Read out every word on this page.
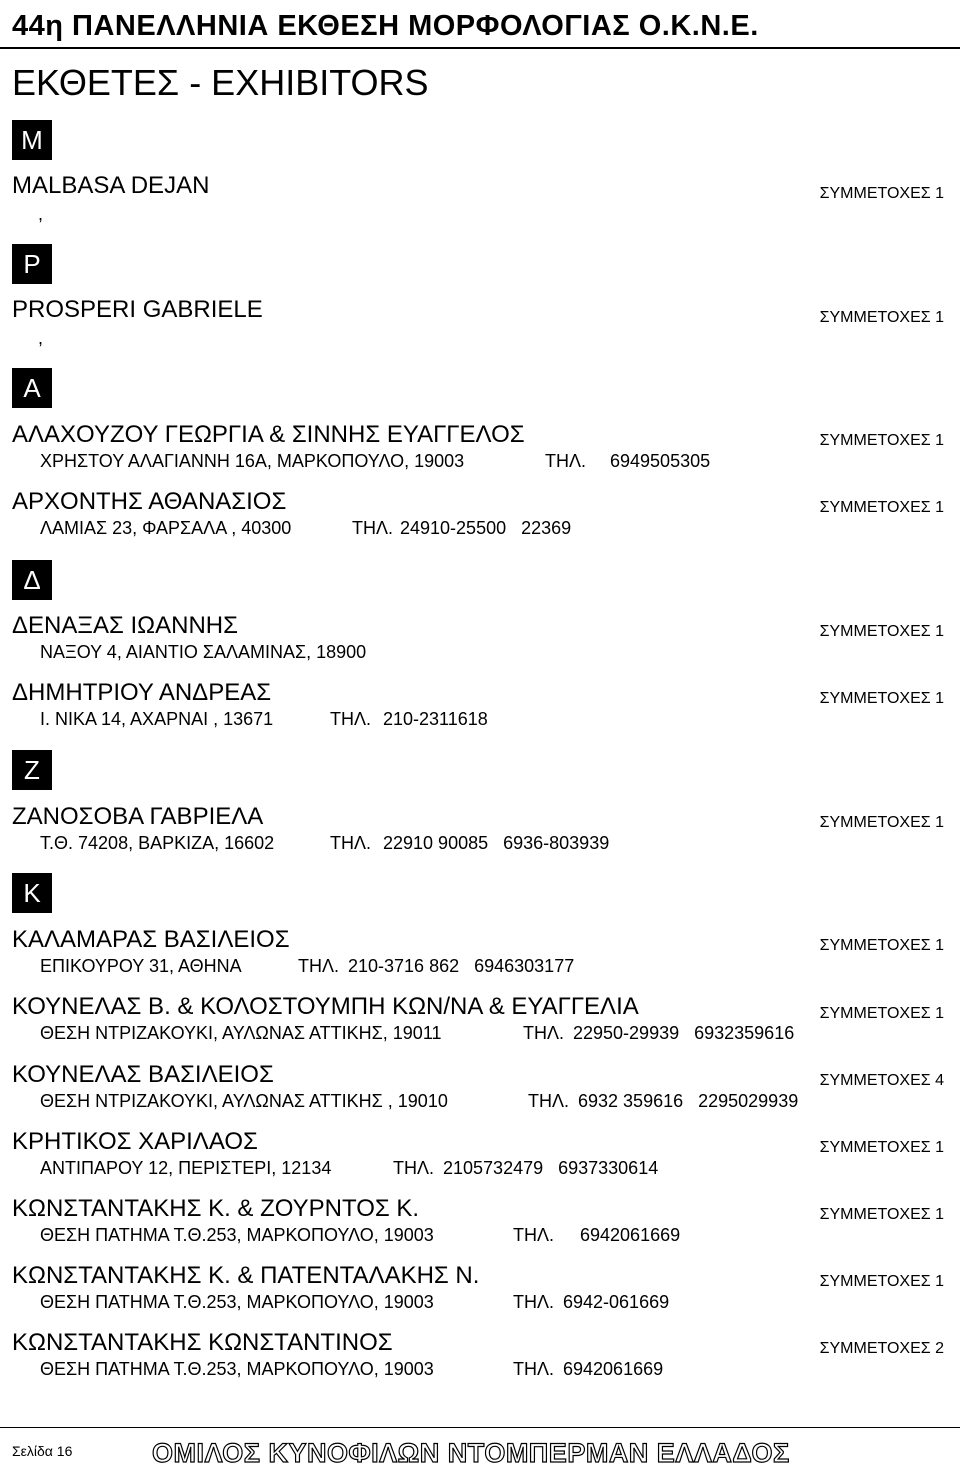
44η ΠΑΝΕΛΛΗΝΙΑ ΕΚΘΕΣΗ ΜΟΡΦΟΛΟΓΙΑΣ Ο.Κ.Ν.Ε.
ΕΚΘΕΤΕΣ - EXHIBITORS
M
P
Α
Δ
Ζ
Κ
MALBASA DEJAN	ΣΥΜΜΕΤΟΧΕΣ 1
,
PROSPERI GABRIELE	ΣΥΜΜΕΤΟΧΕΣ 1
,
ΑΛΑΧΟΥΖΟΥ ΓΕΩΡΓΙΑ & ΣΙΝΝΗΣ ΕΥΑΓΓΕΛΟΣ	ΣΥΜΜΕΤΟΧΕΣ 1
ΧΡΗΣΤΟΥ ΑΛΑΓΙΑΝΝΗ 16Α, ΜΑΡΚΟΠΟΥΛΟ, 19003	ΤΗΛ. 6949505305
ΑΡΧΟΝΤΗΣ ΑΘΑΝΑΣΙΟΣ	ΣΥΜΜΕΤΟΧΕΣ 1
ΛΑΜΙΑΣ 23, ΦΑΡΣΑΛΑ , 40300	ΤΗΛ. 24910-25500   22369
ΔΕΝΑΞΑΣ ΙΩΑΝΝΗΣ	ΣΥΜΜΕΤΟΧΕΣ 1
ΝΑΞΟΥ 4, ΑΙΑΝΤΙΟ ΣΑΛΑΜΙΝΑΣ, 18900
ΔΗΜΗΤΡΙΟΥ ΑΝΔΡΕΑΣ	ΣΥΜΜΕΤΟΧΕΣ 1
Ι. ΝΙΚΑ 14, ΑΧΑΡΝΑΙ , 13671	ΤΗΛ. 210-2311618
ΖΑΝΟΣΟΒΑ ΓΑΒΡΙΕΛΑ	ΣΥΜΜΕΤΟΧΕΣ 1
Τ.Θ. 74208, ΒΑΡΚΙΖΑ, 16602	ΤΗΛ. 22910 90085   6936-803939
ΚΑΛΑΜΑΡΑΣ ΒΑΣΙΛΕΙΟΣ	ΣΥΜΜΕΤΟΧΕΣ 1
ΕΠΙΚΟΥΡΟΥ 31, ΑΘΗΝΑ	ΤΗΛ. 210-3716 862   6946303177
ΚΟΥΝΕΛΑΣ Β. & ΚΟΛΟΣΤΟΥΜΠΗ ΚΩΝ/ΝΑ & ΕΥΑΓΓΕΛΙΑ	ΣΥΜΜΕΤΟΧΕΣ 1
ΘΕΣΗ ΝΤΡΙΖΑΚΟΥΚΙ, ΑΥΛΩΝΑΣ ΑΤΤΙΚΗΣ, 19011	ΤΗΛ. 22950-29939   6932359616
ΚΟΥΝΕΛΑΣ ΒΑΣΙΛΕΙΟΣ	ΣΥΜΜΕΤΟΧΕΣ 4
ΘΕΣΗ ΝΤΡΙΖΑΚΟΥΚΙ, ΑΥΛΩΝΑΣ ΑΤΤΙΚΗΣ , 19010	ΤΗΛ. 6932 359616   2295029939
ΚΡΗΤΙΚΟΣ ΧΑΡΙΛΑΟΣ	ΣΥΜΜΕΤΟΧΕΣ 1
ΑΝΤΙΠΑΡΟΥ 12, ΠΕΡΙΣΤΕΡΙ, 12134	ΤΗΛ. 2105732479   6937330614
ΚΩΝΣΤΑΝΤΑΚΗΣ Κ. & ΖΟΥΡΝΤΟΣ Κ.	ΣΥΜΜΕΤΟΧΕΣ 1
ΘΕΣΗ ΠΑΤΗΜΑ Τ.Θ.253, ΜΑΡΚΟΠΟΥΛΟ, 19003	ΤΗΛ. 6942061669
ΚΩΝΣΤΑΝΤΑΚΗΣ Κ. & ΠΑΤΕΝΤΑΛΑΚΗΣ Ν.	ΣΥΜΜΕΤΟΧΕΣ 1
ΘΕΣΗ ΠΑΤΗΜΑ Τ.Θ.253, ΜΑΡΚΟΠΟΥΛΟ, 19003	ΤΗΛ. 6942-061669
ΚΩΝΣΤΑΝΤΑΚΗΣ ΚΩΝΣΤΑΝΤΙΝΟΣ	ΣΥΜΜΕΤΟΧΕΣ 2
ΘΕΣΗ ΠΑΤΗΜΑ Τ.Θ.253, ΜΑΡΚΟΠΟΥΛΟ, 19003	ΤΗΛ. 6942061669
Σελίδα 16	ΟΜΙΛΟΣ ΚΥΝΟΦΙΛΩΝ ΝΤΟΜΠΕΡΜΑΝ ΕΛΛΑΔΟΣ
